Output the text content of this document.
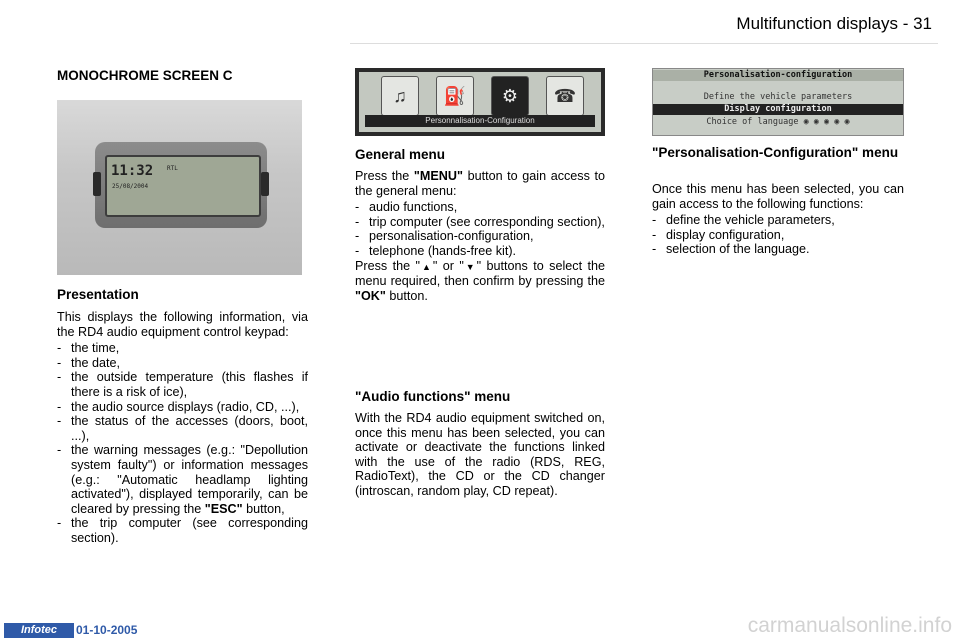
Multifunction displays - 31
MONOCHROME SCREEN C
11:32
25/08/2004
RTL
Presentation

This displays the following information, via the RD4 audio equipment control keypad:

- the time,
- the date,
- the outside temperature (this flashes if there is a risk of ice),
- the audio source displays (radio, CD, ...),
- the status of the accesses (doors, boot, ...),
- the warning messages (e.g.: "Depollution system faulty") or information messages (e.g.: "Automatic headlamp lighting activated"), displayed temporarily, can be cleared by pressing the "ESC" button,
- the trip computer (see corresponding section).
♫	⛽	⚙	☎
Personnalisation-Configuration
General menu

Press the "MENU" button to gain access to the general menu:

- audio functions,
- trip computer (see corresponding section),
- personalisation-configuration,
- telephone (hands-free kit).

Press the "▲" or "▼" buttons to select the menu required, then confirm by pressing the "OK" button.

"Audio functions" menu

With the RD4 audio equipment switched on, once this menu has been selected, you can activate or deactivate the functions linked with the use of the radio (RDS, REG, RadioText), the CD or the CD changer (introscan, random play, CD repeat).

Personalisation-configuration
Define the vehicle parameters
Display configuration
Choice of language ◉ ◉ ◉ ◉ ◉
"Personalisation-Configuration" menu

Once this menu has been selected, you can gain access to the following functions:

- define the vehicle parameters,
- display configuration,
- selection of the language.
Infotec	01-10-2005	carmanualsonline.info
